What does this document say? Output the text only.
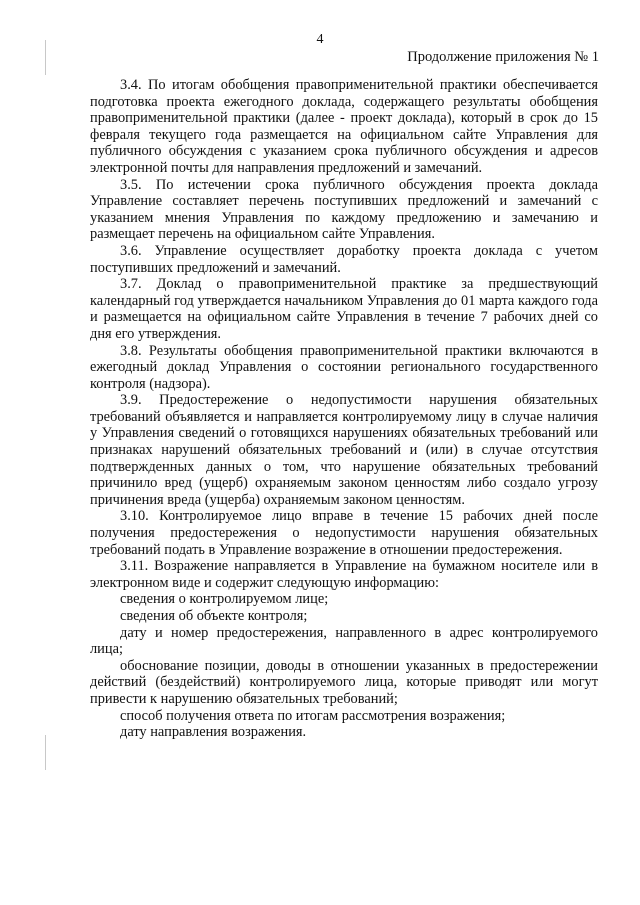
4
Продолжение приложения № 1

3.4. По итогам обобщения правоприменительной практики обеспечивается подготовка проекта ежегодного доклада, содержащего результаты обобщения правоприменительной практики (далее - проект доклада), который в срок до 15 февраля текущего года размещается на официальном сайте Управления для публичного обсуждения с указанием срока публичного обсуждения и адресов электронной почты для направления предложений и замечаний.

3.5. По истечении срока публичного обсуждения проекта доклада Управление составляет перечень поступивших предложений и замечаний с указанием мнения Управления по каждому предложению и замечанию и размещает перечень на официальном сайте Управления.

3.6. Управление осуществляет доработку проекта доклада с учетом поступивших предложений и замечаний.

3.7. Доклад о правоприменительной практике за предшествующий календарный год утверждается начальником Управления до 01 марта каждого года и размещается на официальном сайте Управления в течение 7 рабочих дней со дня его утверждения.

3.8. Результаты обобщения правоприменительной практики включаются в ежегодный доклад Управления о состоянии регионального государственного контроля (надзора).

3.9. Предостережение о недопустимости нарушения обязательных требований объявляется и направляется контролируемому лицу в случае наличия у Управления сведений о готовящихся нарушениях обязательных требований или признаках нарушений обязательных требований и (или) в случае отсутствия подтвержденных данных о том, что нарушение обязательных требований причинило вред (ущерб) охраняемым законом ценностям либо создало угрозу причинения вреда (ущерба) охраняемым законом ценностям.

3.10. Контролируемое лицо вправе в течение 15 рабочих дней после получения предостережения о недопустимости нарушения обязательных требований подать в Управление возражение в отношении предостережения.

3.11. Возражение направляется в Управление на бумажном носителе или в электронном виде и содержит следующую информацию:

сведения о контролируемом лице;

сведения об объекте контроля;

дату и номер предостережения, направленного в адрес контролируемого лица;

обоснование позиции, доводы в отношении указанных в предостережении действий (бездействий) контролируемого лица, которые приводят или могут привести к нарушению обязательных требований;

способ получения ответа по итогам рассмотрения возражения;

дату направления возражения.
